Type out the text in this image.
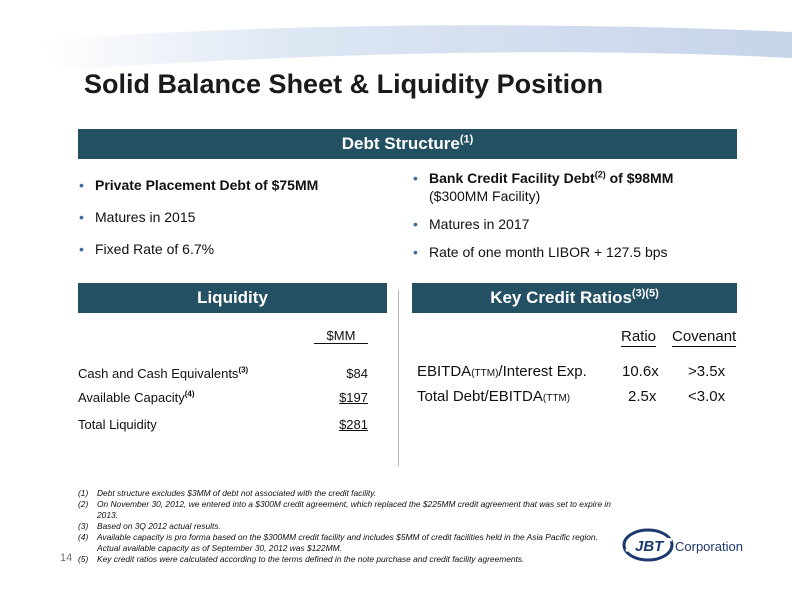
Solid Balance Sheet & Liquidity Position
Debt Structure$^{(1)}$
• Private Placement Debt of $75MM
• Matures in 2015
• Fixed Rate of 6.7%
• Bank Credit Facility Debt$^{(2)}$ of $98MM
($300MM Facility)
• Matures in 2017
• Rate of one month LIBOR + 127.5 bps
Liquidity
$MM
Cash and Cash Equivalents$^{(3)}$	$84
Available Capacity$^{(4)}$	$197
Total Liquidity	$281
Key Credit Ratios$^{(3)(5)}$
Ratio Covenant
EBITDA(TTM)/Interest Exp. 10.6x >3.5x
Total Debt/EBITDA(TTM)	2.5x <3.0x
(1) Debt structure excludes $3MM of debt not associated with the credit facility.
(2) On November 30, 2012, we entered into a $300M credit agreement, which replaced the $225MM credit agreement that was set to expire in 2013.
(3) Based on 3Q 2012 actual results.
(4) Available capacity is pro forma based on the $300MM credit facility and includes $5MM of credit facilities held in the Asia Pacific region. Actual available capacity as of September 30, 2012 was $122MM.
(5) Key credit ratios were calculated according to the terms defined in the note purchase and credit facility agreements.
14
JBT Corporation
